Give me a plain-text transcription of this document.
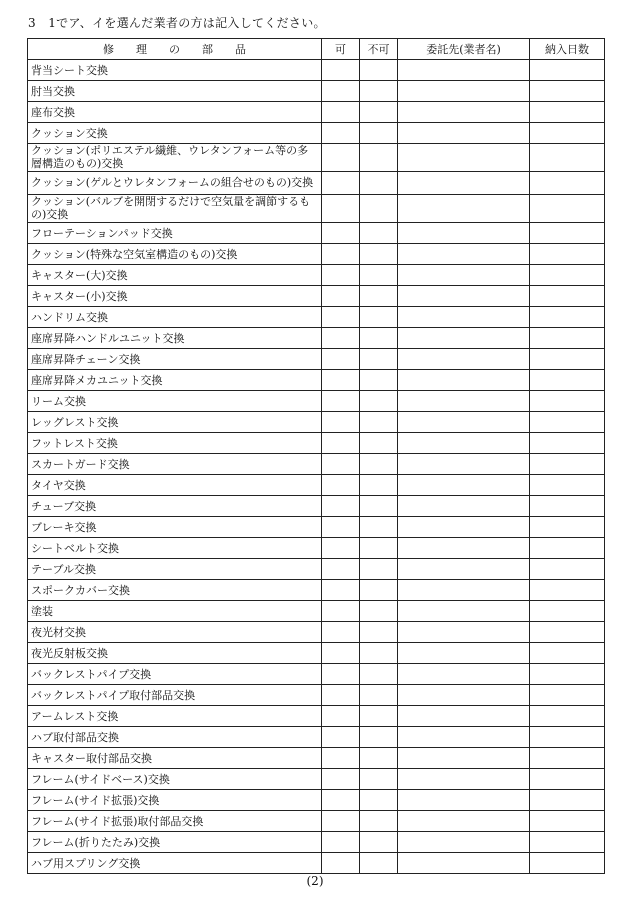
3　1でア、イを選んだ業者の方は記入してください。
修　　理　　の　　部　　品	可	不可	委託先(業者名)	納入日数
背当シート交換				
肘当交換				
座布交換				
クッション交換				
クッション(ポリエステル繊維、ウレタンフォーム等の多層構造のもの)交換				
クッション(ゲルとウレタンフォームの組合せのもの)交換				
クッション(バルブを開閉するだけで空気量を調節するもの)交換				
フローテーションパッド交換				
クッション(特殊な空気室構造のもの)交換				
キャスター(大)交換				
キャスター(小)交換				
ハンドリム交換				
座席昇降ハンドルユニット交換				
座席昇降チェーン交換				
座席昇降メカユニット交換				
リーム交換				
レッグレスト交換				
フットレスト交換				
スカートガード交換				
タイヤ交換				
チューブ交換				
ブレーキ交換				
シートベルト交換				
テーブル交換				
スポークカバー交換				
塗装				
夜光材交換				
夜光反射板交換				
バックレストパイプ交換				
バックレストパイプ取付部品交換				
アームレスト交換				
ハブ取付部品交換				
キャスター取付部品交換				
フレーム(サイドベース)交換				
フレーム(サイド拡張)交換				
フレーム(サイド拡張)取付部品交換				
フレーム(折りたたみ)交換				
ハブ用スプリング交換				
(2)
